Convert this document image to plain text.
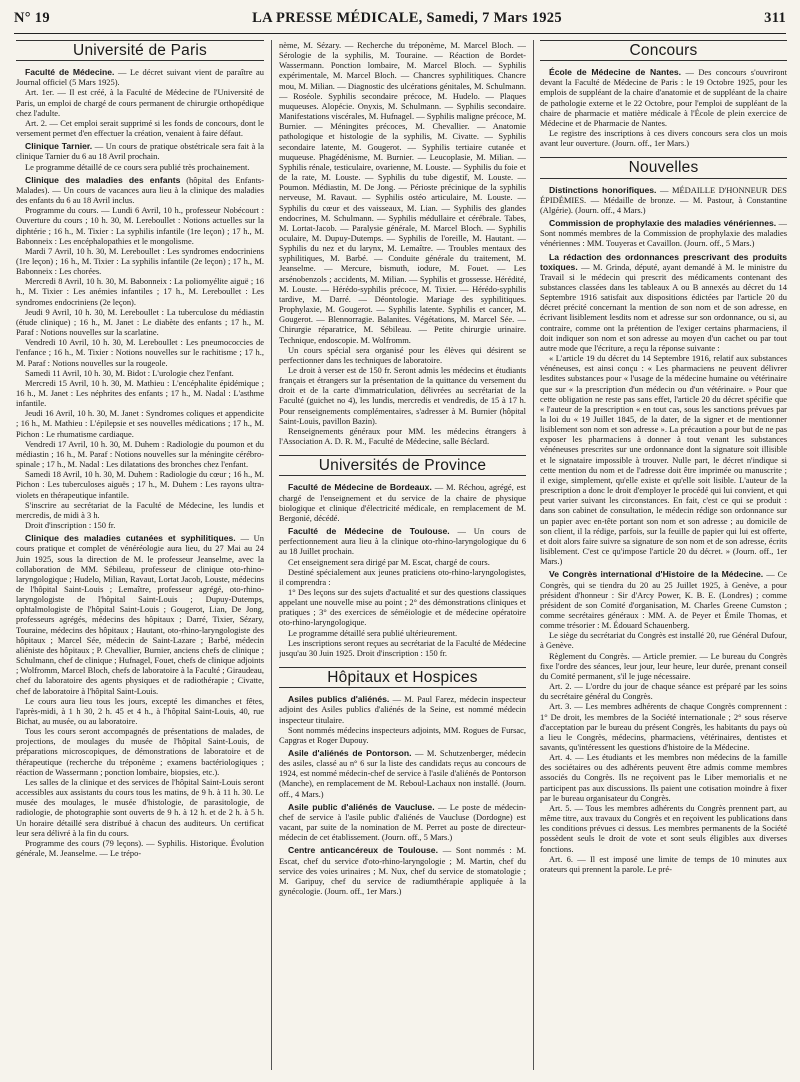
N° 19	LA PRESSE MÉDICALE, Samedi, 7 Mars 1925	311
Université de Paris

Faculté de Médecine. — Le décret suivant vient de paraître au Journal officiel (5 Mars 1925).

Art. 1er. — Il est créé, à la Faculté de Médecine de l'Université de Paris, un emploi de chargé de cours permanent de chirurgie orthopédique chez l'adulte.

Art. 2. — Cet emploi serait supprimé si les fonds de concours, dont le versement permet d'en effectuer la création, venaient à faire défaut.

Clinique Tarnier. — Un cours de pratique obstétricale sera fait à la clinique Tarnier du 6 au 18 Avril prochain.

Le programme détaillé de ce cours sera publié très prochainement.

Clinique des maladies des enfants (hôpital des Enfants-Malades). — Un cours de vacances aura lieu à la clinique des maladies des enfants du 6 au 18 Avril inclus.

Programme du cours. — Lundi 6 Avril, 10 h., professeur Nobécourt : Ouverture du cours ; 10 h. 30, M. Lereboullet : Notions actuelles sur la diphtérie ; 16 h., M. Tixier : La syphilis infantile (1re leçon) ; 17 h., M. Babonneix : Les encéphalopathies et le mongolisme.

Mardi 7 Avril, 10 h. 30, M. Lereboullet : Les syndromes endocriniens (1re leçon) ; 16 h., M. Tixier : La syphilis infantile (2e leçon) ; 17 h., M. Babonneix : Les chorées.

Mercredi 8 Avril, 10 h. 30, M. Babonneix : La poliomyélite aiguë ; 16 h., M. Tixier : Les anémies infantiles ; 17 h., M. Lereboullet : Les syndromes endocriniens (2e leçon).

Jeudi 9 Avril, 10 h. 30, M. Lereboullet : La tuberculose du médiastin (étude clinique) ; 16 h., M. Janet : Le diabète des enfants ; 17 h., M. Paraf : Notions nouvelles sur la scarlatine.

Vendredi 10 Avril, 10 h. 30, M. Lereboullet : Les pneumococcies de l'enfance ; 16 h., M. Tixier : Notions nouvelles sur le rachitisme ; 17 h., M. Paraf : Notions nouvelles sur la rougeole.

Samedi 11 Avril, 10 h. 30, M. Bidot : L'urologie chez l'enfant.

Mercredi 15 Avril, 10 h. 30, M. Mathieu : L'encéphalite épidémique ; 16 h., M. Janet : Les néphrites des enfants ; 17 h., M. Nadal : L'asthme infantile.

Jeudi 16 Avril, 10 h. 30, M. Janet : Syndromes coliques et appendicite ; 16 h., M. Mathieu : L'épilepsie et ses nouvelles médications ; 17 h., M. Pichon : Le rhumatisme cardiaque.

Vendredi 17 Avril, 10 h. 30, M. Duhem : Radiologie du poumon et du médiastin ; 16 h., M. Paraf : Notions nouvelles sur la méningite cérébro-spinale ; 17 h., M. Nadal : Les dilatations des bronches chez l'enfant.

Samedi 18 Avril, 10 h. 30, M. Duhem : Radiologie du cœur ; 16 h., M. Pichon : Les tuberculoses aiguës ; 17 h., M. Duhem : Les rayons ultra-violets en thérapeutique infantile.

S'inscrire au secrétariat de la Faculté de Médecine, les lundis et mercredis, de midi à 3 h.

Droit d'inscription : 150 fr.

Clinique des maladies cutanées et syphilitiques. — Un cours pratique et complet de vénéréologie aura lieu, du 27 Mai au 24 Juin 1925, sous la direction de M. le professeur Jeanselme, avec la collaboration de MM. Sébileau, professeur de clinique oto-rhino-laryngologique ; Hudelo, Milian, Ravaut, Lortat Jacob, Louste, médecins de l'hôpital Saint-Louis ; Lemaître, professeur agrégé, oto-rhino-laryngologiste de l'hôpital Saint-Louis ; Dupuy-Dutemps, ophtalmologiste de l'hôpital Saint-Louis ; Gougerot, Lian, De Jong, professeurs agrégés, médecins des hôpitaux ; Darré, Tixier, Sézary, Touraine, médecins des hôpitaux ; Hautant, oto-rhino-laryngologiste des hôpitaux ; Marcel Sée, médecin de Saint-Lazare ; Barbé, médecin aliéniste des hôpitaux ; P. Chevallier, Burnier, anciens chefs de clinique ; Schulmann, chef de clinique ; Hufnagel, Fouet, chefs de clinique adjoints ; Wolfromm, Marcel Bloch, chefs de laboratoire à la Faculté ; Giraudeau, chef du laboratoire des agents physiques et de radiothérapie ; Civatte, chef de laboratoire à l'hôpital Saint-Louis.

Le cours aura lieu tous les jours, excepté les dimanches et fêtes, l'après-midi, à 1 h 30, 2 h. 45 et 4 h., à l'hôpital Saint-Louis, 40, rue Bichat, au musée, ou au laboratoire.

Tous les cours seront accompagnés de présentations de malades, de projections, de moulages du musée de l'hôpital Saint-Louis, de préparations microscopiques, de démonstrations de laboratoire et de thérapeutique (recherche du tréponème ; examens bactériologiques ; réaction de Wassermann ; ponction lombaire, biopsies, etc.).

Les salles de la clinique et des services de l'hôpital Saint-Louis seront accessibles aux assistants du cours tous les matins, de 9 h. à 11 h. 30. Le musée des moulages, le musée d'histologie, de parasitologie, de radiologie, de photographie sont ouverts de 9 h. à 12 h. et de 2 h. à 5 h. Un horaire détaillé sera distribué à chacun des auditeurs. Un certificat leur sera délivré à la fin du cours.

Programme des cours (79 leçons). — Syphilis. Historique. Évolution générale, M. Jeanselme. — Le trépo-

nème, M. Sézary. — Recherche du tréponème, M. Marcel Bloch. — Sérologie de la syphilis, M. Touraine. — Réaction de Bordet-Wassermann. Ponction lombaire, M. Marcel Bloch. — Syphilis expérimentale, M. Marcel Bloch. — Chancres syphilitiques. Chancre mou, M. Milian. — Diagnostic des ulcérations génitales, M. Schulmann. — Roséole. Syphilis secondaire précoce, M. Hudelo. — Plaques muqueuses. Alopécie. Onyxis, M. Schulmann. — Syphilis secondaire. Manifestations viscérales, M. Hufnagel. — Syphilis maligne précoce, M. Burnier. — Méningites précoces, M. Chevallier. — Anatomie pathologique et histologie de la syphilis, M. Civatte. — Syphilis secondaire latente, M. Gougerot. — Syphilis tertiaire cutanée et muqueuse. Phagédénisme, M. Burnier. — Leucoplasie, M. Milian. — Syphilis rénale, testiculaire, ovarienne, M. Louste. — Syphilis du foie et de la rate, M. Louste. — Syphilis du tube digestif, M. Louste. — Poumon. Médiastin, M. De Jong. — Périoste précinique de la syphilis nerveuse, M. Ravaut. — Syphilis ostéo articulaire, M. Louste. — Syphilis du cœur et des vaisseaux, M. Lian. — Syphilis des glandes endocrines, M. Schulmann. — Syphilis médullaire et cérébrale. Tabes, M. Lortat-Jacob. — Paralysie générale, M. Marcel Bloch. — Syphilis oculaire, M. Dupuy-Dutemps. — Syphilis de l'oreille, M. Hautant. — Syphilis du nez et du larynx, M. Lemaître. — Troubles mentaux des syphilitiques, M. Barbé. — Conduite générale du traitement, M. Jeanselme. — Mercure, bismuth, iodure, M. Fouet. — Les arsénobenzols ; accidents, M. Milian. — Syphilis et grossesse. Hérédité, M. Louste. — Hérédo-syphilis précoce, M. Tixier. — Hérédo-syphilis tardive, M. Darré. — Déontologie. Mariage des syphilitiques. Prophylaxie, M. Gougerot. — Syphilis latente. Syphilis et cancer, M. Gougerot. — Blennorragie. Balanites. Végétations, M. Marcel Sée. — Chirurgie réparatrice, M. Sébileau. — Petite chirurgie urinaire. Technique, endoscopie. M. Wolfromm.

Un cours spécial sera organisé pour les élèves qui désirent se perfectionner dans les techniques de laboratoire.

Le droit à verser est de 150 fr. Seront admis les médecins et étudiants français et étrangers sur la présentation de la quittance du versement du droit et de la carte d'immatriculation, délivrées au secrétariat de la Faculté (guichet no 4), les lundis, mercredis et vendredis, de 15 à 17 h. Pour renseignements complémentaires, s'adresser à M. Burnier (hôpital Saint-Louis, pavillon Bazin).

Renseignements généraux pour MM. les médecins étrangers à l'Association A. D. R. M., Faculté de Médecine, salle Béclard.

Universités de Province

Faculté de Médecine de Bordeaux. — M. Réchou, agrégé, est chargé de l'enseignement et du service de la chaire de physique biologique et clinique d'électricité médicale, en remplacement de M. Bergonié, décédé.

Faculté de Médecine de Toulouse. — Un cours de perfectionnement aura lieu à la clinique oto-rhino-laryngologique du 6 au 18 Juillet prochain.

Cet enseignement sera dirigé par M. Escat, chargé de cours.

Destiné spécialement aux jeunes praticiens oto-rhino-laryngologistes, il comprendra :

1° Des leçons sur des sujets d'actualité et sur des questions classiques appelant une nouvelle mise au point ; 2° des démonstrations cliniques et pratiques ; 3° des exercices de séméiologie et de médecine opératoire oto-rhino-laryngologique.

Le programme détaillé sera publié ultérieurement.

Les inscriptions seront reçues au secrétariat de la Faculté de Médecine jusqu'au 30 Juin 1925. Droit d'inscription : 150 fr.

Hôpitaux et Hospices

Asiles publics d'aliénés. — M. Paul Farez, médecin inspecteur adjoint des Asiles publics d'aliénés de la Seine, est nommé médecin inspecteur titulaire.

Sont nommés médecins inspecteurs adjoints, MM. Rogues de Fursac, Capgras et Roger Dupouy.

Asile d'aliénés de Pontorson. — M. Schutzenberger, médecin des asiles, classé au n° 6 sur la liste des candidats reçus au concours de 1924, est nommé médecin-chef de service à l'asile d'aliénés de Pontorson (Manche), en remplacement de M. Reboul-Lachaux non installé. (Journ. off., 4 Mars.)

Asile public d'aliénés de Vaucluse. — Le poste de médecin-chef de service à l'asile public d'aliénés de Vaucluse (Dordogne) est vacant, par suite de la nomination de M. Perret au poste de directeur-médecin de cet établissement. (Journ. off., 5 Mars.)

Centre anticancéreux de Toulouse. — Sont nommés : M. Escat, chef du service d'oto-rhino-laryngologie ; M. Martin, chef du service des voies urinaires ; M. Nux, chef du service de stomatologie ; M. Garipuy, chef du service de radiumthérapie appliquée à la gynécologie. (Journ. off., 1er Mars.)

Concours

École de Médecine de Nantes. — Des concours s'ouvriront devant la Faculté de Médecine de Paris : le 19 Octobre 1925, pour les emplois de suppléant de la chaire d'anatomie et de suppléant de la chaire de pathologie externe et le 22 Octobre, pour l'emploi de suppléant de la chaire de pharmacie et matière médicale à l'École de plein exercice de Médecine et de Pharmacie de Nantes.

Le registre des inscriptions à ces divers concours sera clos un mois avant leur ouverture. (Journ. off., 1er Mars.)

Nouvelles

Distinctions honorifiques. — MÉDAILLE D'HONNEUR DES ÉPIDÉMIES. — Médaille de bronze. — M. Pastour, à Constantine (Algérie). (Journ. off., 4 Mars.)

Commission de prophylaxie des maladies vénériennes. — Sont nommés membres de la Commission de prophylaxie des maladies vénériennes : MM. Touyeras et Cavaillon. (Journ. off., 5 Mars.)

La rédaction des ordonnances prescrivant des produits toxiques. — M. Grinda, député, ayant demandé à M. le ministre du Travail si le médecin qui prescrit des médicaments contenant des substances classées dans les tableaux A ou B annexés au décret du 14 Septembre 1916 satisfait aux dispositions édictées par l'article 20 du décret précité concernant la mention de son nom et de son adresse, en écrivant lisiblement lesdits nom et adresse sur son ordonnance, ou si, au contraire, comme ont la prétention de l'exiger certains pharmaciens, il doit indiquer son nom et son adresse au moyen d'un cachet ou par tout autre mode que l'écriture, a reçu la réponse suivante :

« L'article 19 du décret du 14 Septembre 1916, relatif aux substances vénéneuses, est ainsi conçu : « Les pharmaciens ne peuvent délivrer lesdites substances pour « l'usage de la médecine humaine ou vétérinaire que sur « la prescription d'un médecin ou d'un vétérinaire. » Pour que cette obligation ne reste pas sans effet, l'article 20 du décret spécifie que « l'auteur de la prescription « en tout cas, sous les sanctions prévues par la loi du « 19 Juillet 1845, de la dater, de la signer et de mentionner lisiblement son nom et son adresse ». La précaution a pour but de ne pas exposer les pharmaciens à donner à tout venant les substances vénéneuses prescrites sur une ordonnance dont la signature soit illisible et le signataire impossible à trouver. Nulle part, le décret n'indique si cette mention du nom et de l'adresse doit être imprimée ou manuscrite ; il exige, simplement, qu'elle existe et qu'elle soit lisible. L'auteur de la prescription a donc le droit d'employer le procédé qui lui convient, et qui peut varier suivant les circonstances. En fait, c'est ce qui se produit : dans son cabinet de consultation, le médecin rédige son ordonnance sur un papier avec en-tête portant son nom et son adresse ; au domicile de son client, il la rédige, parfois, sur la feuille de papier qui lui est offerte, et doit alors faire suivre sa signature de son nom et de son adresse, écrits lisiblement. C'est ce qu'impose l'article 20 du décret. » (Journ. off., 1er Mars.)

Ve Congrès international d'Histoire de la Médecine. — Ce Congrès, qui se tiendra du 20 au 25 Juillet 1925, à Genève, a pour président d'honneur : Sir d'Arcy Power, K. B. E. (Londres) ; comme président de son Comité d'organisation, M. Charles Greene Cumston ; comme secrétaires généraux : MM. A. de Peyer et Émile Thomas, et comme trésorier : M. Édouard Schauenberg.

Le siège du secrétariat du Congrès est installé 20, rue Général Dufour, à Genève.

Règlement du Congrès. — Article premier. — Le bureau du Congrès fixe l'ordre des séances, leur jour, leur heure, leur durée, prenant conseil du Comité permanent, s'il le juge nécessaire.

Art. 2. — L'ordre du jour de chaque séance est préparé par les soins du secrétaire général du Congrès.

Art. 3. — Les membres adhérents de chaque Congrès comprennent : 1° De droit, les membres de la Société internationale ; 2° sous réserve d'acceptation par le bureau du présent Congrès, les habitants du pays où a lieu le Congrès, médecins, pharmaciens, vétérinaires, dentistes et savants, qu'intéressent les questions d'histoire de la Médecine.

Art. 4. — Les étudiants et les membres non médecins de la famille des sociétaires ou des adhérents peuvent être admis comme membres associés du Congrès. Ils ne reçoivent pas le Liber memorialis et ne participent pas aux discussions. Ils paient une cotisation moindre à fixer par le bureau organisateur du Congrès.

Art. 5. — Tous les membres adhérents du Congrès prennent part, au même titre, aux travaux du Congrès et en reçoivent les publications dans les conditions prévues ci dessus. Les membres permanents de la Société possèdent seuls le droit de vote et sont seuls éligibles aux diverses fonctions.

Art. 6. — Il est imposé une limite de temps de 10 minutes aux orateurs qui prennent la parole. Le pré-
